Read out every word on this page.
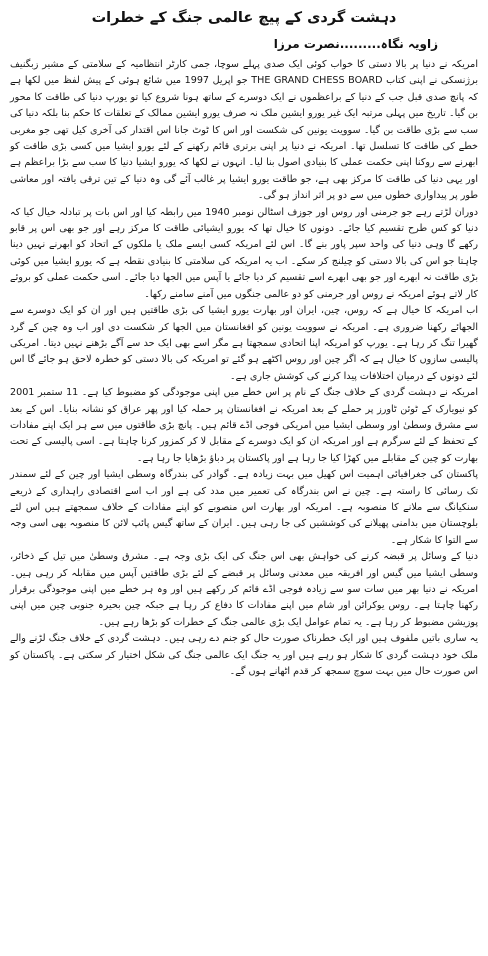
دہشت گردی کے پیچ عالمی جنگ کے خطرات
زاویہ نگاہ.........نصرت مرزا

امریکہ نے دنیا پر بالا دستی کا خواب کوئی ایک صدی پہلے سوچا، جمی کارٹر انتظامیہ کے سلامتی کے مشیر زبگنیف برژنسکی نے اپنی کتاب THE GRAND CHESS BOARD جو اپریل 1997 میں شائع ہوئی کے پیش لفظ میں لکھا ہے کہ پانچ صدی قبل جب کے دنیا کے براعظموں نے ایک دوسرے کے ساتھ ہونا شروع کیا تو یورپ دنیا کی طاقت کا محور بن گیا۔ تاریخ میں پہلی مرتبہ ایک غیر یورو ایشین ملک نہ صرف یورو ایشین ممالک کے تعلقات کا حکم بنا بلکہ دنیا کی سب سے بڑی طاقت بن گیا۔ سوویت یونین کی شکست اور اس کا ٹوٹ جانا اس اقتدار کی آخری کیل تھی جو مغربی خطے کی طاقت کا تسلسل تھا۔ امریکہ نے دنیا پر اپنی برتری قائم رکھنے کے لئے یورو ایشیا میں کسی بڑی طاقت کو ابھرنے سے روکنا اپنی حکمت عملی کا بنیادی اصول بنا لیا۔ انہوں نے لکھا کہ یورو ایشیا دنیا کا سب سے بڑا براعظم ہے اور یہی دنیا کی طاقت کا مرکز بھی ہے، جو طاقت یورو ایشیا پر غالب آئے گی وہ دنیا کے تین ترقی یافتہ اور معاشی طور پر پیداواری خطوں میں سے دو پر اثر انداز ہو گی۔

دوران لڑتے رہے جو جرمنی اور روس اور جوزف اسٹالن نومبر 1940 میں رابطہ کیا اور اس بات پر تبادلہ خیال کیا کہ دنیا کو کس طرح تقسیم کیا جائے۔ دونوں کا خیال تھا کہ یورو ایشیائی طاقت کا مرکز رہے اور جو بھی اس پر قابو رکھے گا وہی دنیا کی واحد سپر پاور بنے گا۔ اس لئے امریکہ کسی ایسے ملک یا ملکوں کے اتحاد کو ابھرنے نہیں دینا چاہتا جو اس کی بالا دستی کو چیلنج کر سکے۔ اب یہ امریکہ کی سلامتی کا بنیادی نقطہ ہے کہ یورو ایشیا میں کوئی بڑی طاقت نہ ابھرے اور جو بھی ابھرے اسے تقسیم کر دیا جائے یا آپس میں الجھا دیا جائے۔ اسی حکمت عملی کو بروئے کار لاتے ہوئے امریکہ نے روس اور جرمنی کو دو عالمی جنگوں میں آمنے سامنے رکھا۔

اب امریکہ کا خیال ہے کہ روس، چین، ایران اور بھارت یورو ایشیا کی بڑی طاقتیں ہیں اور ان کو ایک دوسرے سے الجھائے رکھنا ضروری ہے۔ امریکہ نے سوویت یونین کو افغانستان میں الجھا کر شکست دی اور اب وہ چین کے گرد گھیرا تنگ کر رہا ہے۔ یورپ کو امریکہ اپنا اتحادی سمجھتا ہے مگر اسے بھی ایک حد سے آگے بڑھنے نہیں دیتا۔ امریکی پالیسی سازوں کا خیال ہے کہ اگر چین اور روس اکٹھے ہو گئے تو امریکہ کی بالا دستی کو خطرہ لاحق ہو جائے گا اس لئے دونوں کے درمیان اختلافات پیدا کرنے کی کوشش جاری ہے۔

امریکہ نے دہشت گردی کے خلاف جنگ کے نام پر اس خطے میں اپنی موجودگی کو مضبوط کیا ہے۔ 11 ستمبر 2001 کو نیویارک کے ٹوئن ٹاورز پر حملے کے بعد امریکہ نے افغانستان پر حملہ کیا اور پھر عراق کو نشانہ بنایا۔ اس کے بعد سے مشرق وسطیٰ اور وسطی ایشیا میں امریکی فوجی اڈے قائم ہیں۔ پانچ بڑی طاقتوں میں سے ہر ایک اپنے مفادات کے تحفظ کے لئے سرگرم ہے اور امریکہ ان کو ایک دوسرے کے مقابل لا کر کمزور کرنا چاہتا ہے۔ اسی پالیسی کے تحت بھارت کو چین کے مقابلے میں کھڑا کیا جا رہا ہے اور پاکستان پر دباؤ بڑھایا جا رہا ہے۔

پاکستان کی جغرافیائی اہمیت اس کھیل میں بہت زیادہ ہے۔ گوادر کی بندرگاہ وسطی ایشیا اور چین کے لئے سمندر تک رسائی کا راستہ ہے۔ چین نے اس بندرگاہ کی تعمیر میں مدد کی ہے اور اب اسے اقتصادی راہداری کے ذریعے سنکیانگ سے ملانے کا منصوبہ ہے۔ امریکہ اور بھارت اس منصوبے کو اپنے مفادات کے خلاف سمجھتے ہیں اس لئے بلوچستان میں بدامنی پھیلانے کی کوششیں کی جا رہی ہیں۔ ایران کے ساتھ گیس پائپ لائن کا منصوبہ بھی اسی وجہ سے التوا کا شکار ہے۔

دنیا کے وسائل پر قبضہ کرنے کی خواہش بھی اس جنگ کی ایک بڑی وجہ ہے۔ مشرق وسطیٰ میں تیل کے ذخائر، وسطی ایشیا میں گیس اور افریقہ میں معدنی وسائل پر قبضے کے لئے بڑی طاقتیں آپس میں مقابلہ کر رہی ہیں۔ امریکہ نے دنیا بھر میں سات سو سے زیادہ فوجی اڈے قائم کر رکھے ہیں اور وہ ہر خطے میں اپنی موجودگی برقرار رکھنا چاہتا ہے۔ روس یوکرائن اور شام میں اپنے مفادات کا دفاع کر رہا ہے جبکہ چین بحیرہ جنوبی چین میں اپنی پوزیشن مضبوط کر رہا ہے۔ یہ تمام عوامل ایک بڑی عالمی جنگ کے خطرات کو بڑھا رہے ہیں۔

یہ ساری باتیں ملفوف ہیں اور ایک خطرناک صورت حال کو جنم دے رہی ہیں۔ دہشت گردی کے خلاف جنگ لڑنے والے ملک خود دہشت گردی کا شکار ہو رہے ہیں اور یہ جنگ ایک عالمی جنگ کی شکل اختیار کر سکتی ہے۔ پاکستان کو اس صورت حال میں بہت سوچ سمجھ کر قدم اٹھانے ہوں گے۔
